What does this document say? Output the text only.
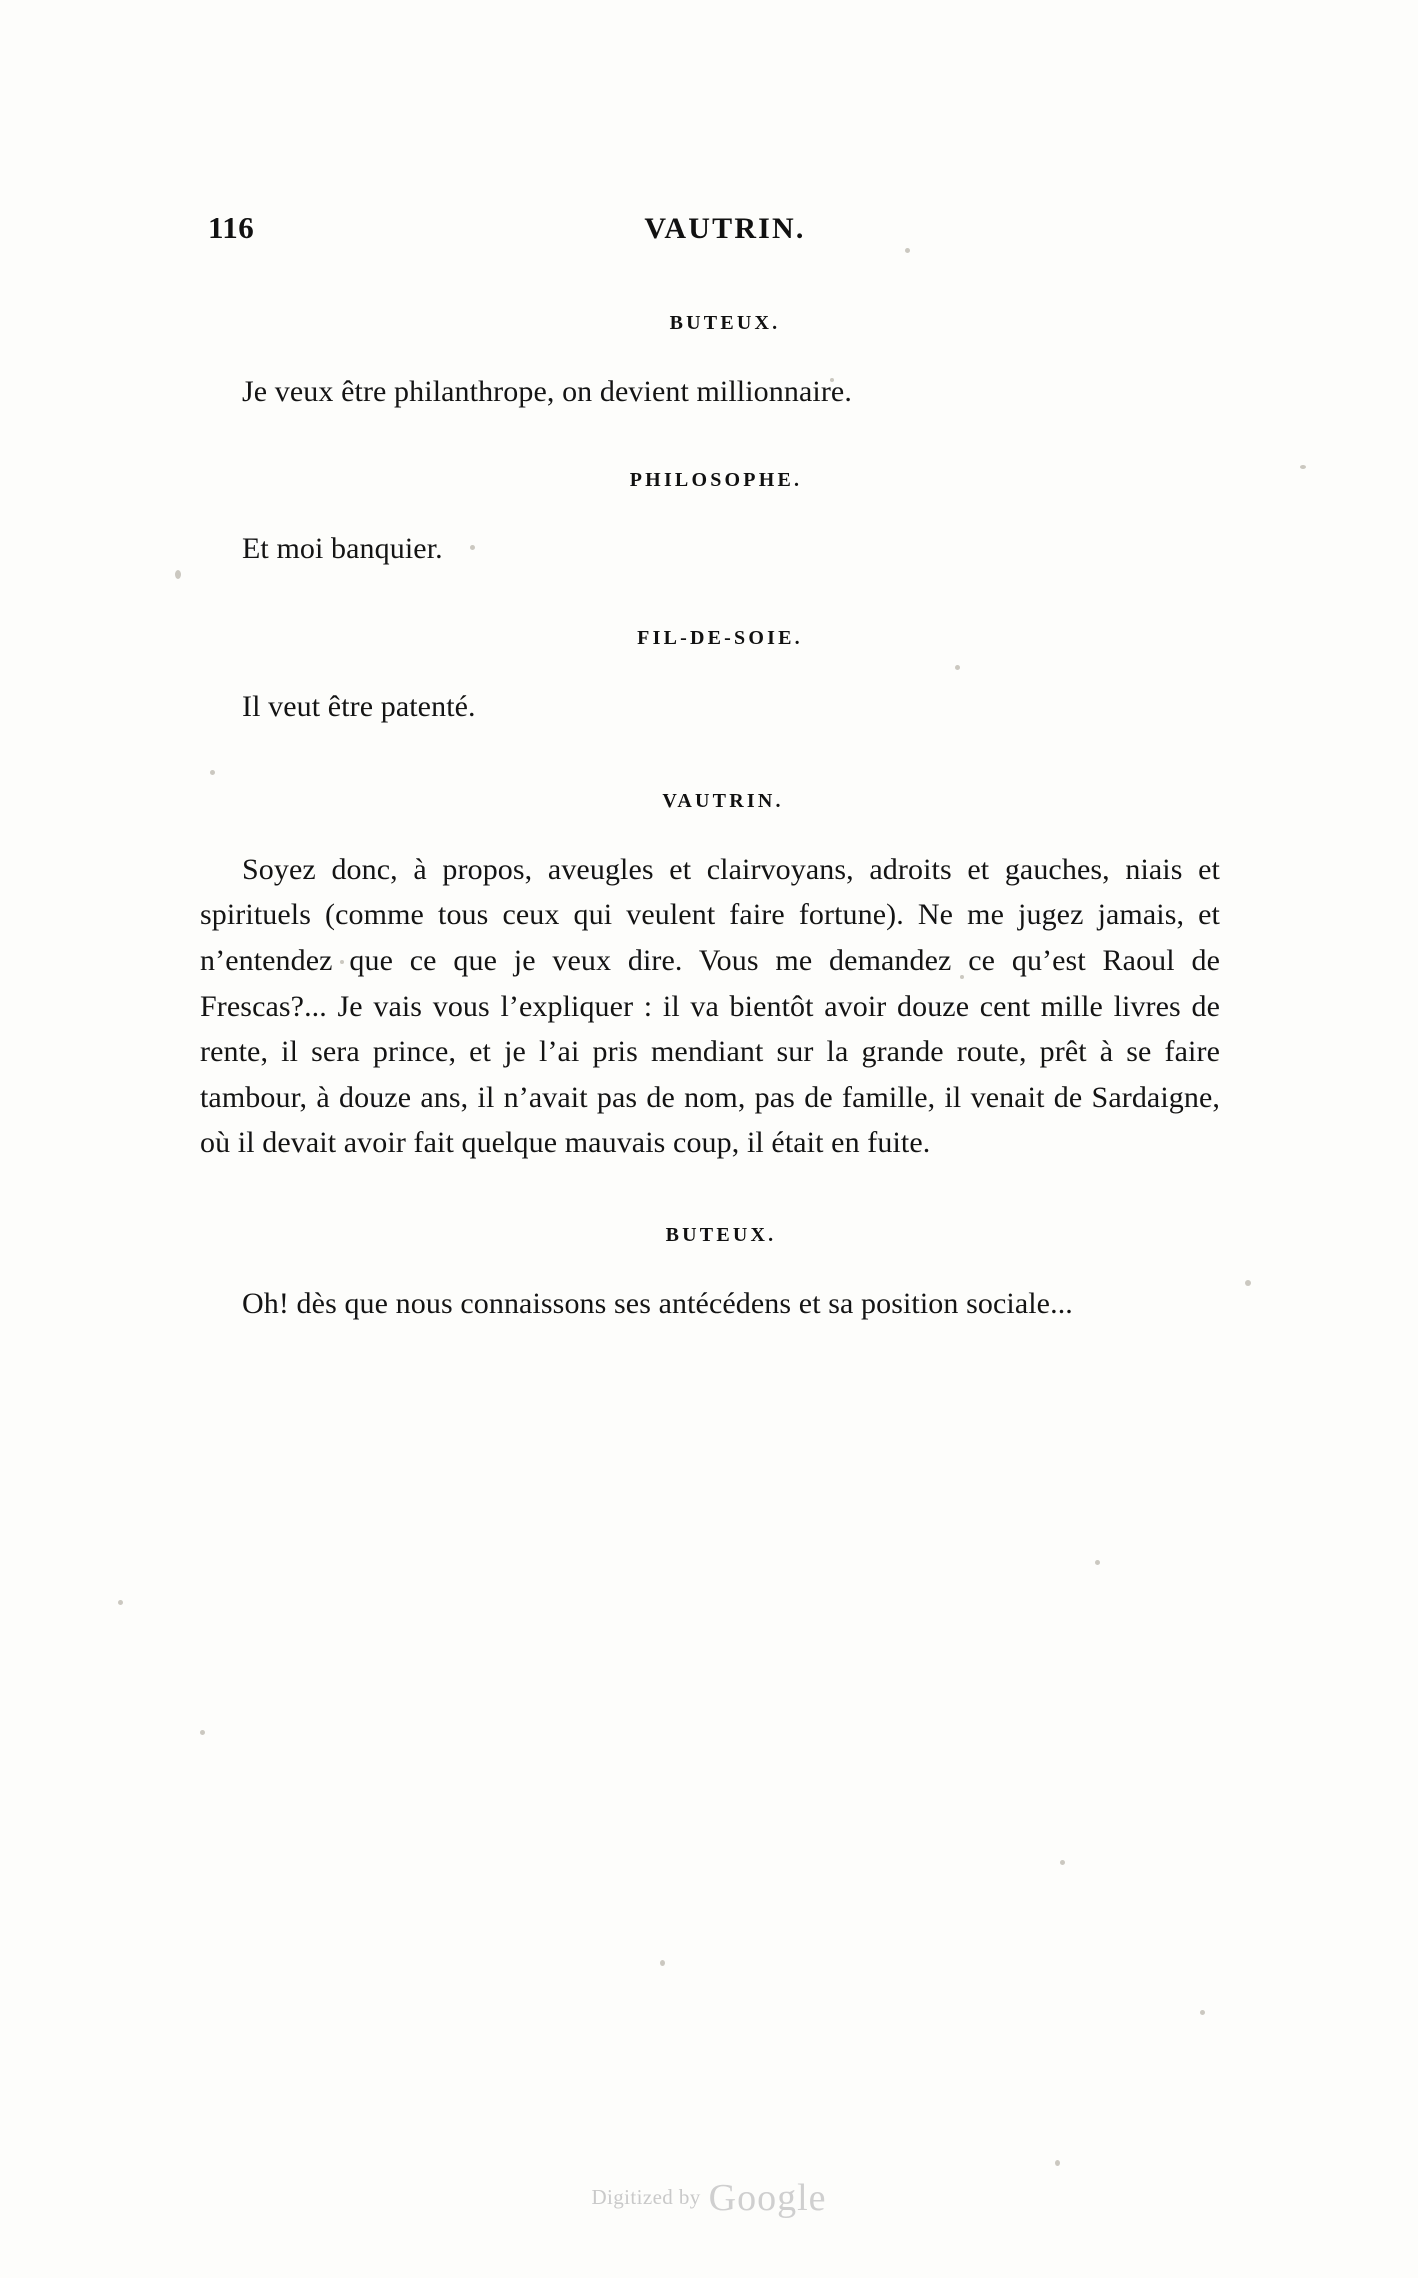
116	VAUTRIN.
BUTEUX.

Je veux être philanthrope, on devient millionnaire.

PHILOSOPHE.

Et moi banquier.

FIL-DE-SOIE.

Il veut être patenté.

VAUTRIN.

Soyez donc, à propos, aveugles et clairvoyans, adroits et gauches, niais et spirituels (comme tous ceux qui veulent faire fortune). Ne me jugez jamais, et n’entendez que ce que je veux dire. Vous me demandez ce qu’est Raoul de Frescas?... Je vais vous l’expliquer : il va bientôt avoir douze cent mille livres de rente, il sera prince, et je l’ai pris mendiant sur la grande route, prêt à se faire tambour, à douze ans, il n’avait pas de nom, pas de famille, il venait de Sardaigne, où il devait avoir fait quelque mauvais coup, il était en fuite.

BUTEUX.

Oh! dès que nous connaissons ses antécédens et sa position sociale...

Digitized by Google
